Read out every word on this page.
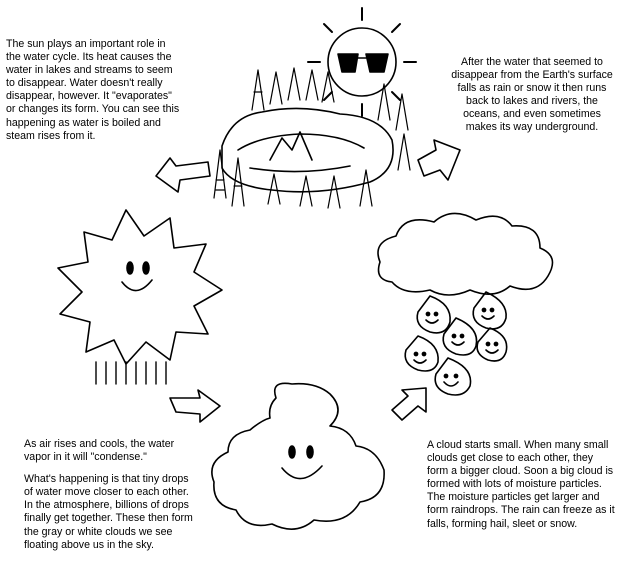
The sun plays an important role in the water cycle. Its heat causes the water in lakes and streams to seem to disappear. Water doesn't really disappear, however. It "evaporates" or changes its form. You can see this happening as water is boiled and steam rises from it.

After the water that seemed to disappear from the Earth's surface falls as rain or snow it then runs back to lakes and rivers, the oceans, and even sometimes makes its way underground.

As air rises and cools, the water vapor in it will "condense."

What's happening is that tiny drops of water move closer to each other. In the atmosphere, billions of drops finally get together. These then form the gray or white clouds we see floating above us in the sky.

A cloud starts small. When many small clouds get close to each other, they form a bigger cloud. Soon a big cloud is formed with lots of moisture particles. The moisture particles get larger and form raindrops. The rain can freeze as it falls, forming hail, sleet or snow.
